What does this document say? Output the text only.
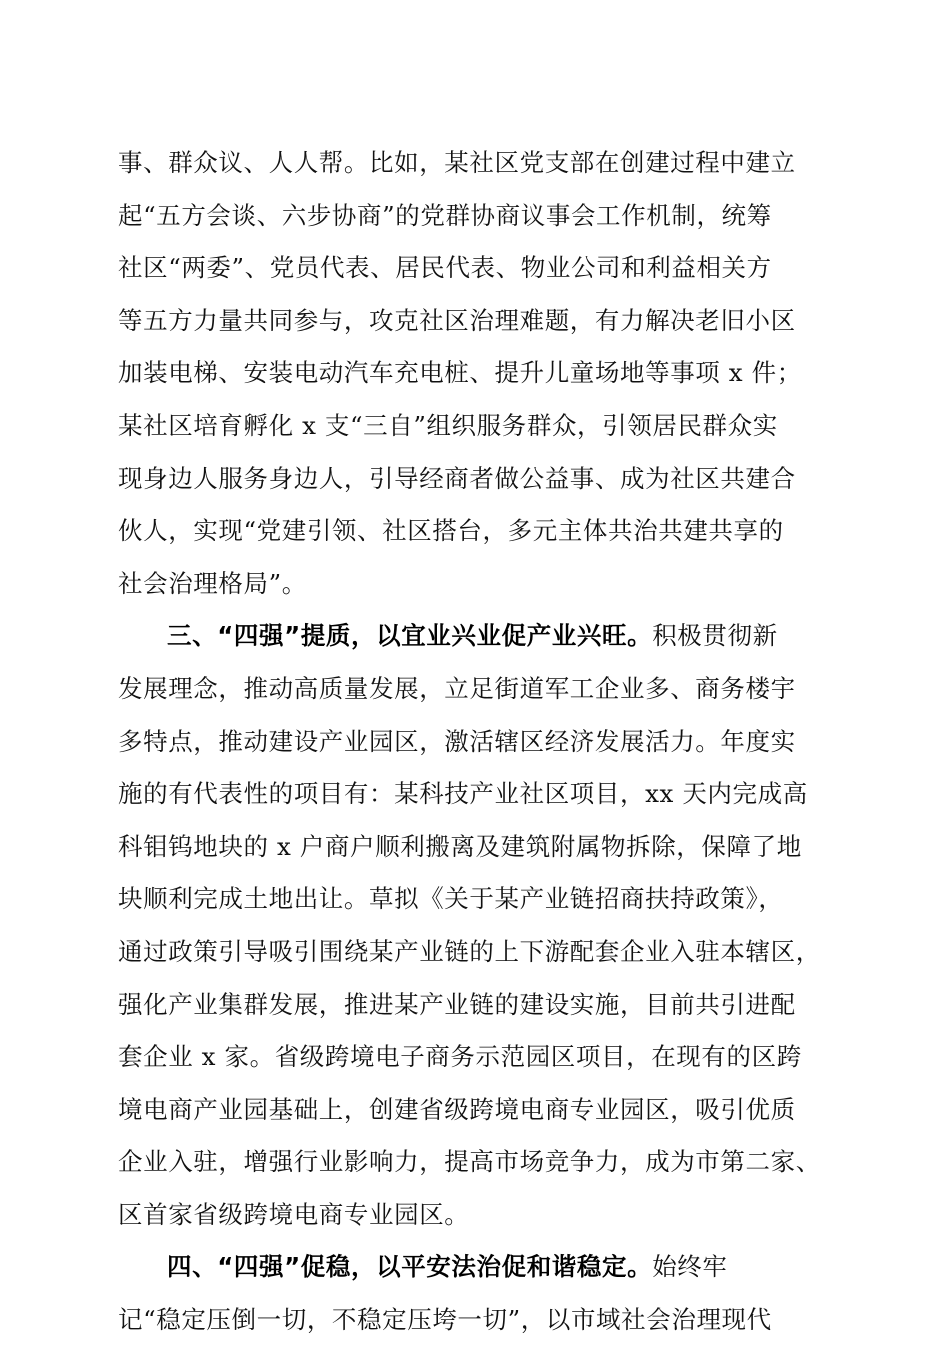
事、群众议、人人帮。比如，某社区党支部在创建过程中建立
起“五方会谈、六步协商”的党群协商议事会工作机制，统筹
社区“两委”、党员代表、居民代表、物业公司和利益相关方
等五方力量共同参与，攻克社区治理难题，有力解决老旧小区
加装电梯、安装电动汽车充电桩、提升儿童场地等事项 x 件；
某社区培育孵化 x 支“三自”组织服务群众，引领居民群众实
现身边人服务身边人，引导经商者做公益事、成为社区共建合
伙人，实现“党建引领、社区搭台，多元主体共治共建共享的
社会治理格局”。
三、“四强”提质，以宜业兴业促产业兴旺。积极贯彻新
发展理念，推动高质量发展，立足街道军工企业多、商务楼宇
多特点，推动建设产业园区，激活辖区经济发展活力。年度实
施的有代表性的项目有：某科技产业社区项目，xx 天内完成高
科钼钨地块的 x 户商户顺利搬离及建筑附属物拆除，保障了地
块顺利完成土地出让。草拟《关于某产业链招商扶持政策》，
通过政策引导吸引围绕某产业链的上下游配套企业入驻本辖区，
强化产业集群发展，推进某产业链的建设实施，目前共引进配
套企业 x 家。省级跨境电子商务示范园区项目，在现有的区跨
境电商产业园基础上，创建省级跨境电商专业园区，吸引优质
企业入驻，增强行业影响力，提高市场竞争力，成为市第二家、
区首家省级跨境电商专业园区。
四、“四强”促稳，以平安法治促和谐稳定。始终牢
记“稳定压倒一切，不稳定压垮一切”，以市域社会治理现代
